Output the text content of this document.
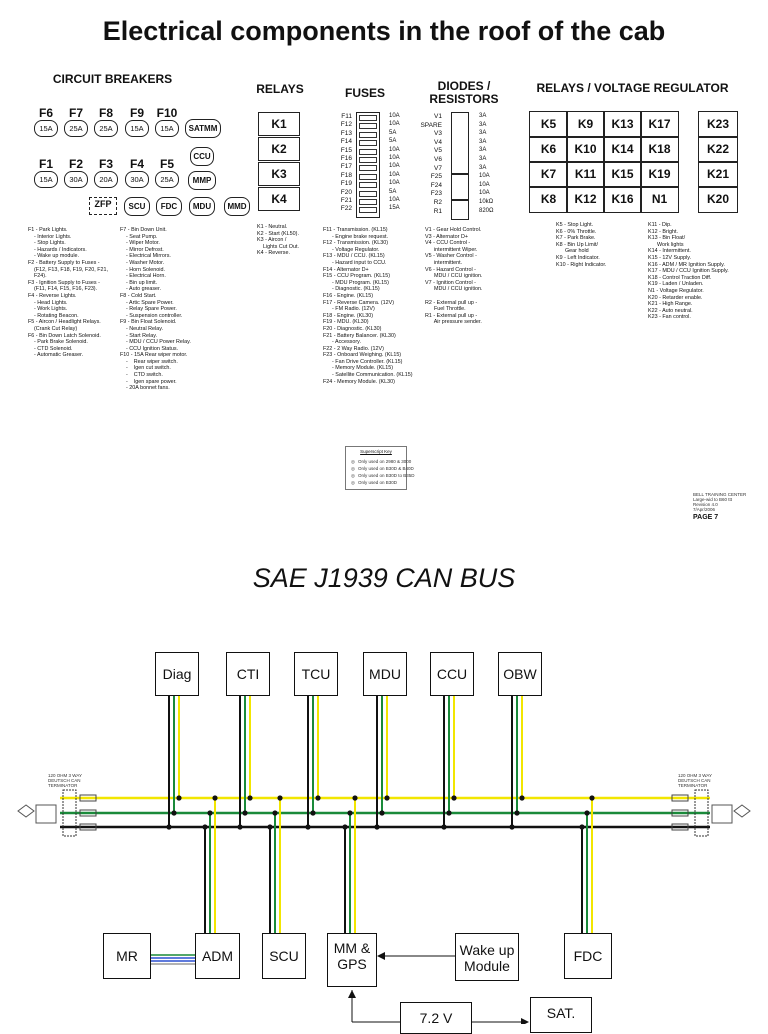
Electrical components in the roof of the cab
CIRCUIT BREAKERS
F6
15A
F7
25A
F8
25A
F9
15A
F10
15A
F1
15A
F2
30A
F3
20A
F4
30A
F5
25A
SATMM
CCU
MMP
ZFP	SCU	FDC	MDU	MMD
F1 - Park Lights.
- Interior Lights.
- Stop Lights.
- Hazards / Indicators.
- Wake up module.
F2 - Battery Supply to Fuses -
(F12, F13, F18, F19, F20, F21,
F24).
F3 - Ignition Supply to Fuses -
(F11, F14, F15, F16, F23).
F4 - Reverse Lights.
- Head Lights.
- Work Lights.
- Rotating Beacon.
F5 - Aircon / Headlight Relays.
(Crank Cut Relay)
F6 - Bin Down Latch Solenoid.
- Park Brake Solenoid.
- CTD Solenoid.
- Automatic Greaser.
F7 - Bin Down Unit.
- Seat Pump.
- Wiper Motor.
- Mirror Defrost.
- Electrical Mirrors.
- Washer Motor.
- Horn Solenoid.
- Electrical Horn.
- Bin up limit.
- Auto greaser.
F8 - Cold Start.
- Artic Spare Power.
- Relay Spare Power.
- Suspension controller.
F9 - Bin Float Solenoid.
- Neutral Relay.
- Start Relay.
- MDU / CCU Power Relay.
- CCU Ignition Status.
F10 - 15A Rear wiper motor.
-    Rear wiper switch.
-    Igen cut switch.
-    CTD switch.
-    Igen spare power.
- 20A bonnet fans.
RELAYS
K1
K2
K3
K4
K1 - Neutral.
K2 - Start (KL50).
K3 - Aircon /
Lights Cut Out.
K4 - Reverse.
FUSES
F11	10A
F12	10A
F13	5A
F14	5A
F15	10A
F16	10A
F17	10A
F18	10A
F19	10A
F20	5A
F21	10A
F22	15A
F11 - Transmission. (KL15)
- Engine brake request.
F12 - Transmission. (KL30)
- Voltage Regulator.
F13 - MDU / CCU. (KL15)
- Hazard input to CCU.
F14 - Alternator D+
F15 - CCU Program. (KL15)
- MDU Program. (KL15)
- Diagnostic. (KL15)
F16 - Engine. (KL15)
F17 - Reverse Camera. (12V)
- FM Radio. (12V)
F18 - Engine. (KL30)
F19 - MDU. (KL30)
F20 - Diagnostic. (KL30)
F21 - Battery Balancer. (KL30)
- Accessory.
F22 - 2 Way Radio. (12V)
F23 - Onboard Weighing. (KL15)
- Fan Drive Controller. (KL15)
- Memory Module. (KL15)
- Satellite Communication. (KL15)
F24 - Memory Module. (KL30)
DIODES /
RESISTORS
V1	3A
SPARE	3A
V3	3A
V4	3A
V5	3A
V6	3A
V7	3A
F25	10A
F24	10A
F23	10A
R2	10kΩ
R1	820Ω
V1 - Gear Hold Control.
V3 - Alternator D+
V4 - CCU Control -
intermittent Wiper.
V5 - Washer Control -
intermittent.
V6 - Hazard Control -
MDU / CCU ignition.
V7 - Ignition Control -
MDU / CCU ignition.

R2 - External pull up -
Fuel Throttle.
R1 - External pull up -
Air pressure sender.
RELAYS / VOLTAGE REGULATOR
K5	K9	K13	K17
K6	K10	K14	K18
K7	K11	K15	K19
K8	K12	K16	N1
K23
K22
K21
K20
K5 - Stop Light.
K6 - 0% Throttle.
K7 - Park Brake.
K8 - Bin Up Limit/
Gear hold
K9 - Left Indicator.
K10 - Right Indicator.
K11 - Dip.
K12 - Bright.
K13 - Bin Float/
Work lights
K14 - Intermittent.
K15 - 12V Supply.
K16 - ADM / MR Ignition Supply.
K17 - MDU / CCU Ignition Supply.
K18 - Control Traction Diff.
K19 - Laden / Unladen.
N1 - Voltage Regulator.
K20 - Retarder enable.
K21 - High Range.
K22 - Auto neutral.
K23 - Fan control.
Superscript Key
Only used on 2980 & 3000
Only used on B30D & B40D
Only used on B30D to B35D
Only used on B30D
◎
◎
◎
◎
BELL TRAINING CENTER
Large-wid to B60 ttt
Revision 4.0
7/Apr/2006
PAGE 7
SAE J1939 CAN BUS
120 OHM 3 WAY
DEUTSCH CAN
TERMINATOR
120 OHM 3 WAY
DEUTSCH CAN
TERMINATOR
Diag	CTI	TCU	MDU	CCU	OBW
MR	ADM	SCU	MM &
GPS
Wake up
Module
FDC
7.2 V	SAT.
